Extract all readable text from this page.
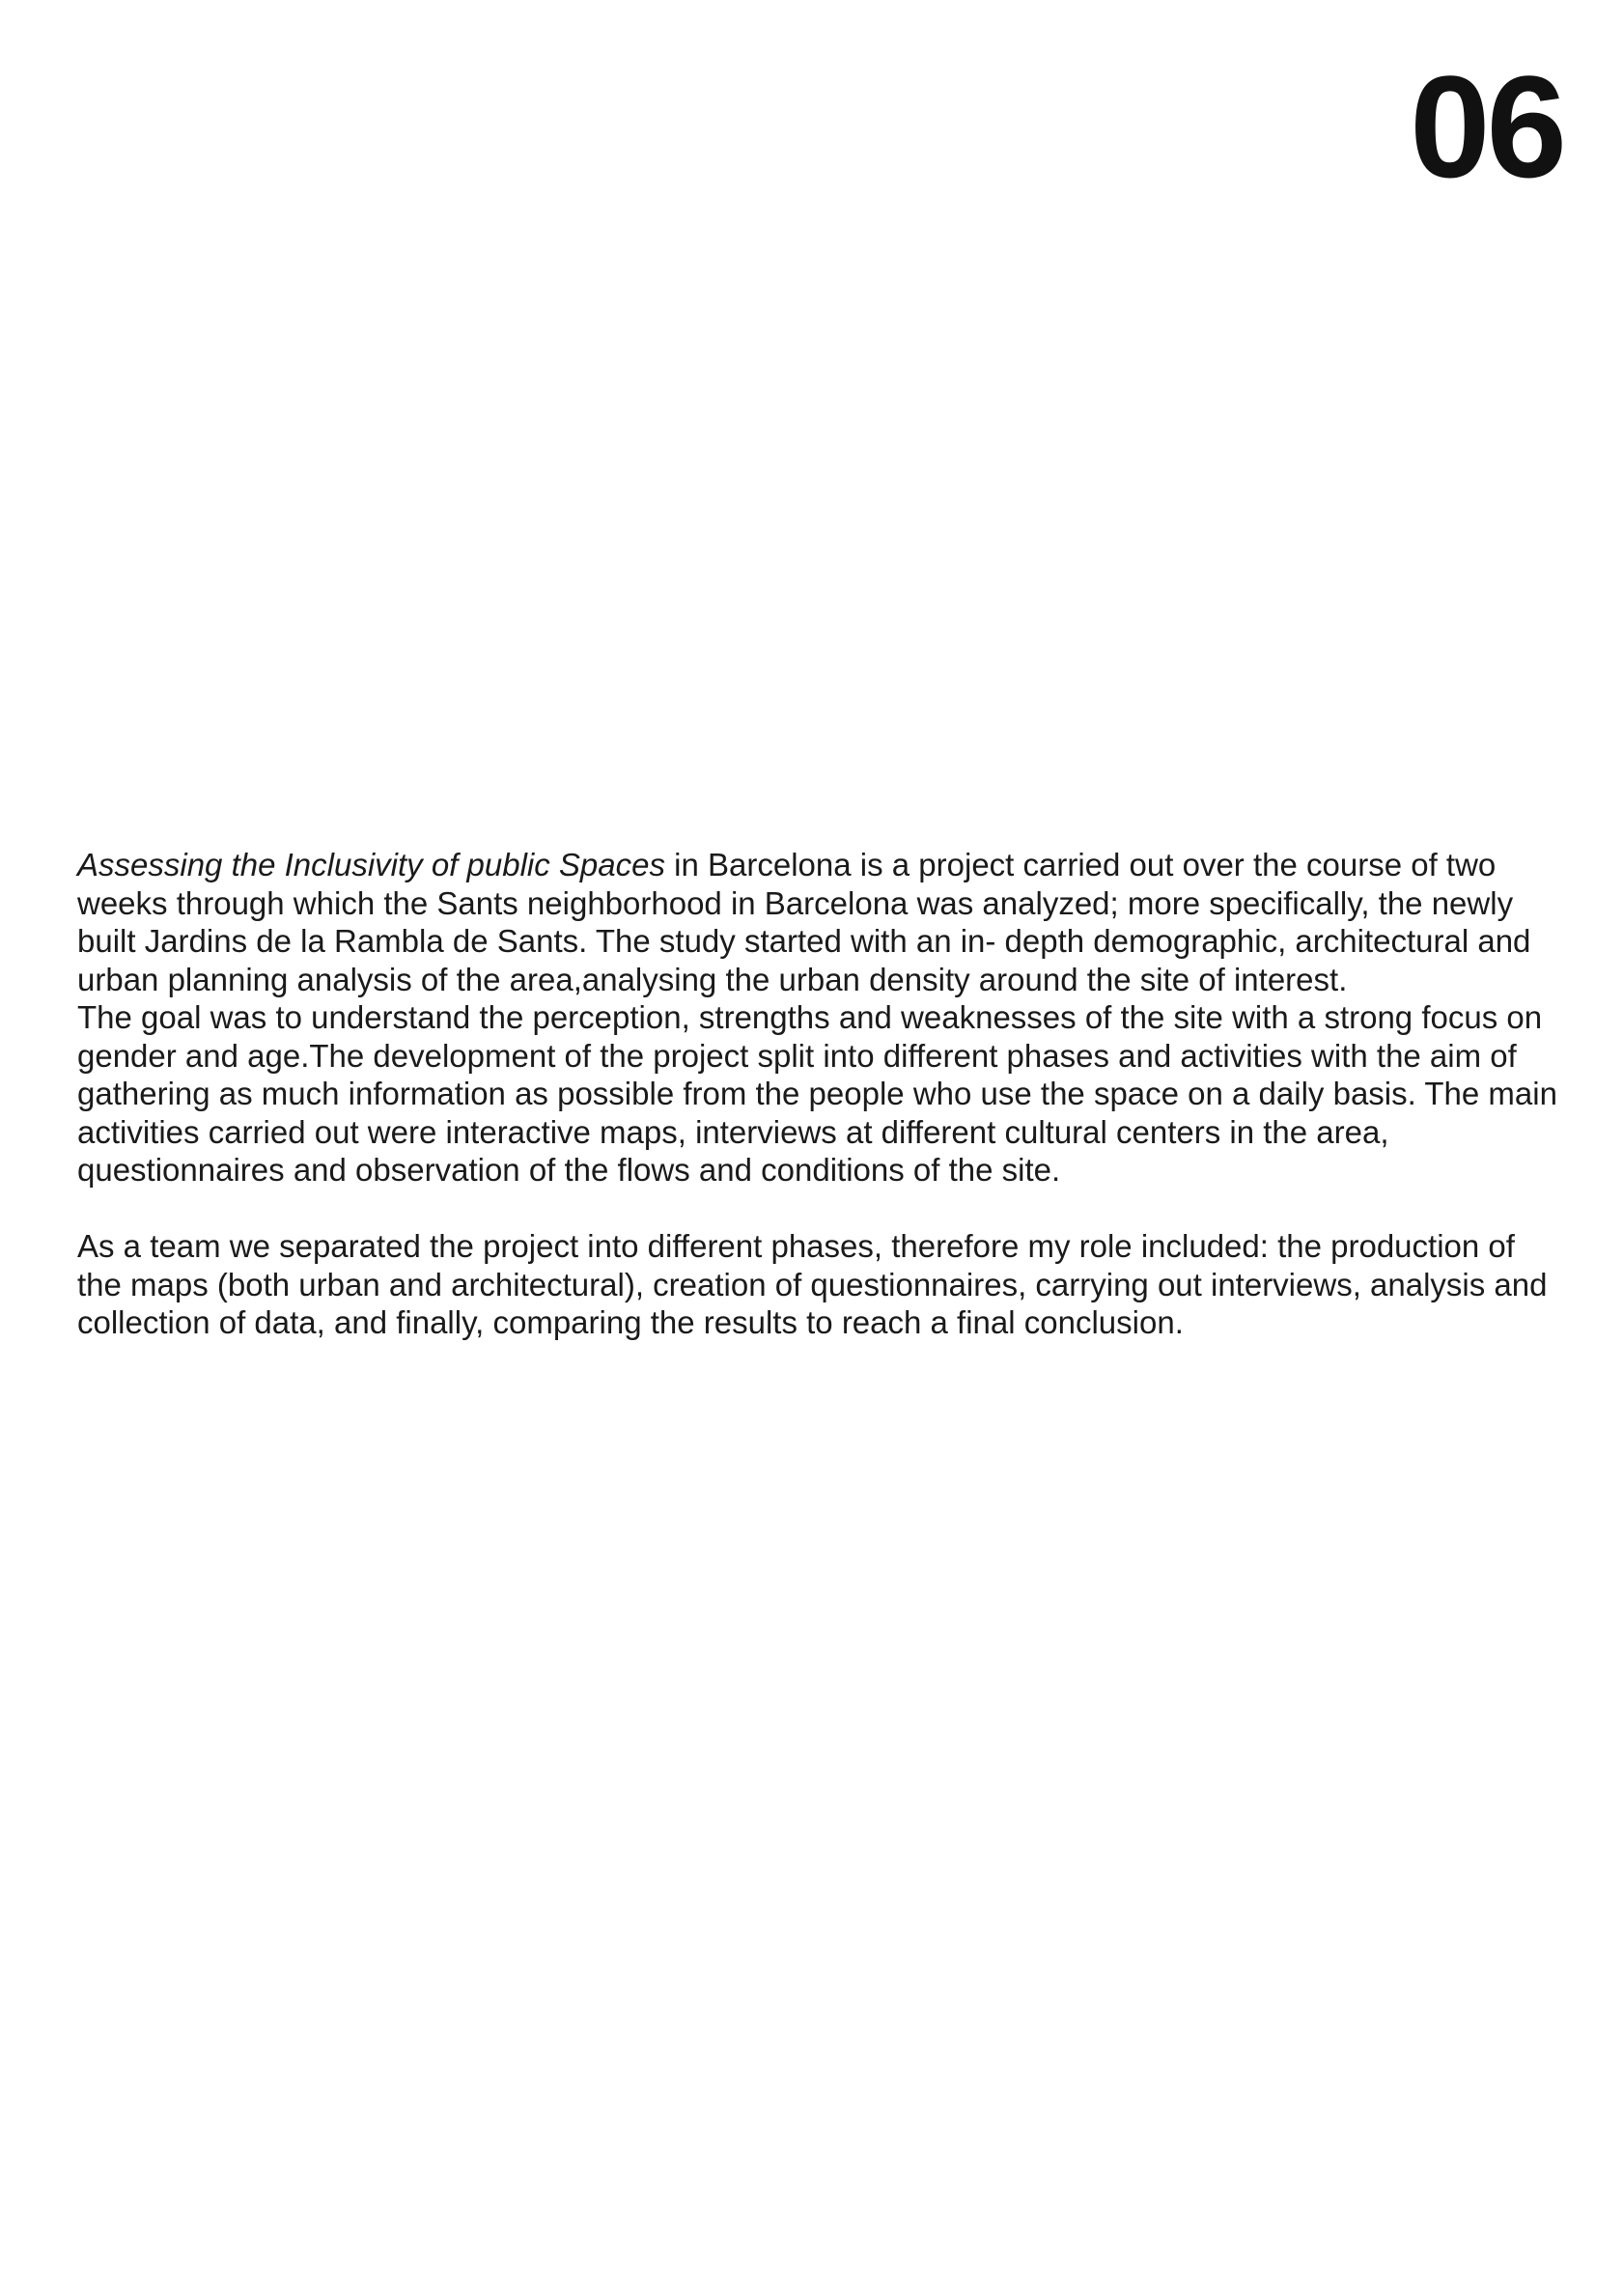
06

Assessing the Inclusivity of public Spaces in Barcelona is a project carried out over the course of two weeks through which the Sants neighborhood in Barcelona was analyzed; more specifically, the newly built Jardins de la Rambla de Sants. The study started with an in- depth demographic, architectural and urban planning analysis of the area,analysing the urban density around the site of interest.

The goal was to understand the perception, strengths and weaknesses of the site with a strong focus on gender and age.The development of the project split into different phases and activities with the aim of gathering as much information as possible from the people who use the space on a daily basis. The main activities carried out were interactive maps, interviews at different cultural centers in the area, questionnaires and observation of the flows and conditions of the site.

As a team we separated the project into different phases, therefore my role included: the production of the maps (both urban and architectural), creation of questionnaires, carrying out interviews, analysis and collection of data, and finally, comparing the results to reach a final conclusion.
